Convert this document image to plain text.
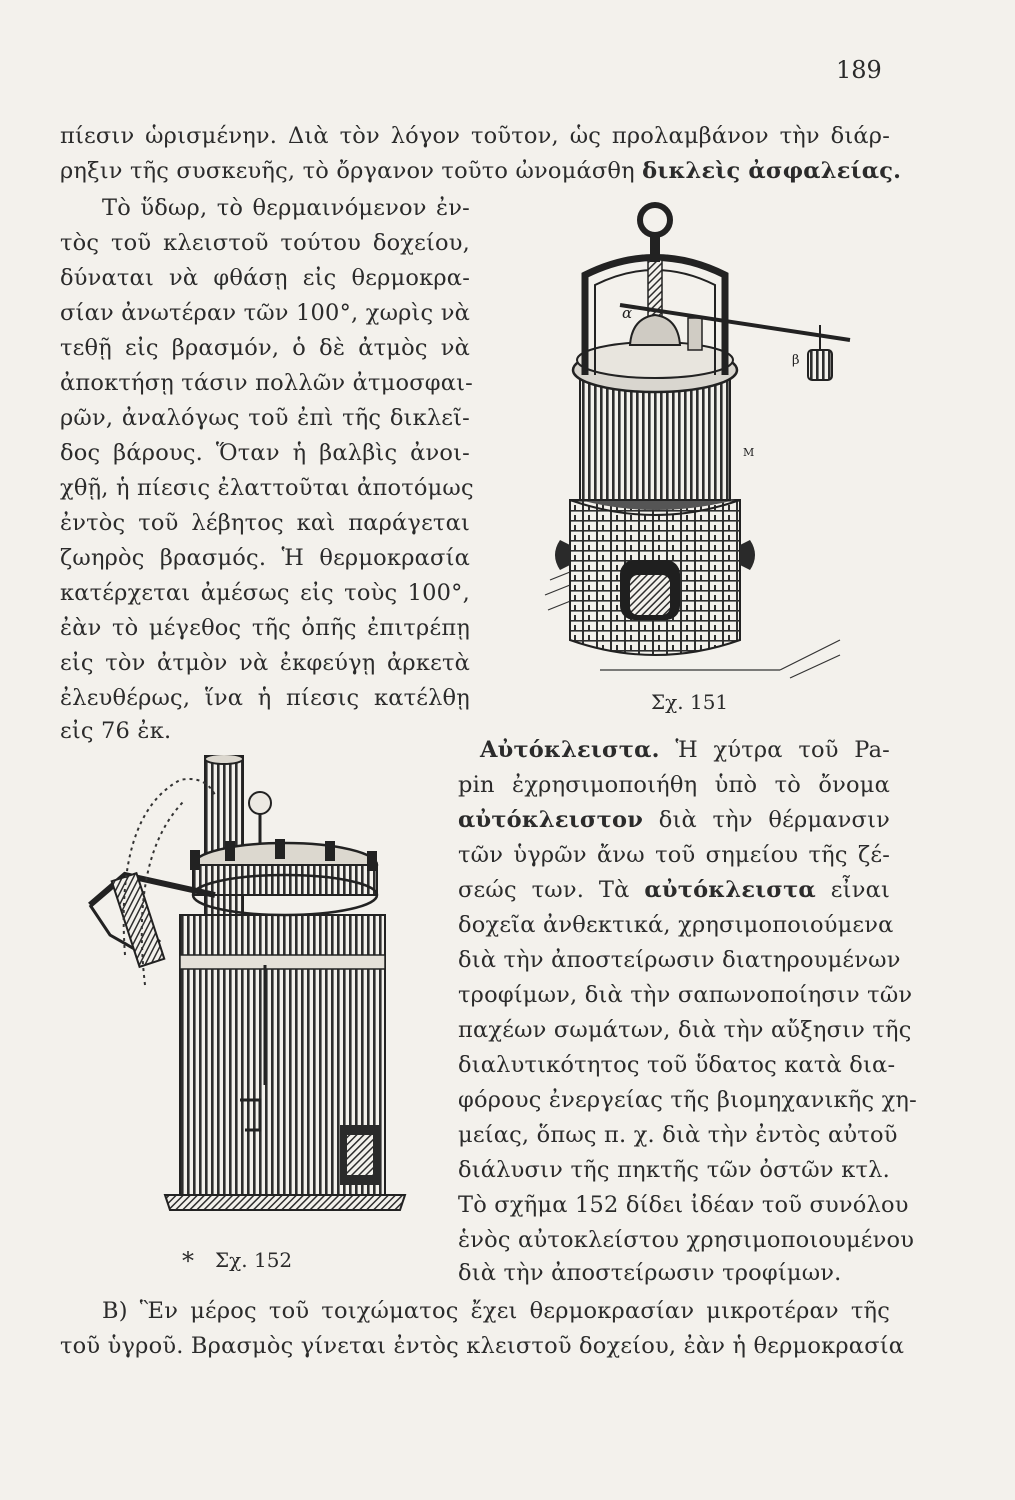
189
πίεσιν ὡρισμένην. Διὰ τὸν λόγον τοῦτον, ὡς προλαμβάνον τὴν διάρ-
ρηξιν τῆς συσκευῆς, τὸ ὄργανον τοῦτο ὠνομάσθη δικλεὶς ἀσφαλείας.
Τὸ ὕδωρ, τὸ θερμαινόμενον ἐν-
τὸς τοῦ κλειστοῦ τούτου δοχείου,
δύναται νὰ φθάσῃ εἰς θερμοκρα-
σίαν ἀνωτέραν τῶν 100°, χωρὶς νὰ
τεθῇ εἰς βρασμόν, ὁ δὲ ἀτμὸς νὰ
ἀποκτήσῃ τάσιν πολλῶν ἀτμοσφαι-
ρῶν, ἀναλόγως τοῦ ἐπὶ τῆς δικλεῖ-
δος βάρους. Ὅταν ἡ βαλβὶς ἀνοι-
χθῇ, ἡ πίεσις ἐλαττοῦται ἀποτόμως
ἐντὸς τοῦ λέβητος καὶ παράγεται
ζωηρὸς βρασμός. Ἡ θερμοκρασία
κατέρχεται ἀμέσως εἰς τοὺς 100°,
ἐὰν τὸ μέγεθος τῆς ὀπῆς ἐπιτρέπῃ
εἰς τὸν ἀτμὸν νὰ ἐκφεύγῃ ἀρκετὰ
ἐλευθέρως, ἵνα ἡ πίεσις κατέλθῃ
εἰς 76 ἐκ.
α
β
Μ
Σχ. 151
* Σχ. 152
Αὐτόκλειστα. Ἡ χύτρα τοῦ Pa-
pin ἐχρησιμοποιήθη ὑπὸ τὸ ὄνομα
αὐτόκλειστον διὰ τὴν θέρμανσιν
τῶν ὑγρῶν ἄνω τοῦ σημείου τῆς ζέ-
σεώς των. Τὰ αὐτόκλειστα εἶναι
δοχεῖα ἀνθεκτικά, χρησιμοποιούμενα
διὰ τὴν ἀποστείρωσιν διατηρουμένων
τροφίμων, διὰ τὴν σαπωνοποίησιν τῶν
παχέων σωμάτων, διὰ τὴν αὔξησιν τῆς
διαλυτικότητος τοῦ ὕδατος κατὰ δια-
φόρους ἐνεργείας τῆς βιομηχανικῆς χη-
μείας, ὅπως π. χ. διὰ τὴν ἐντὸς αὐτοῦ
διάλυσιν τῆς πηκτῆς τῶν ὀστῶν κτλ.
Τὸ σχῆμα 152 δίδει ἰδέαν τοῦ συνόλου
ἑνὸς αὐτοκλείστου χρησιμοποιουμένου
διὰ τὴν ἀποστείρωσιν τροφίμων.
Β) Ἓν μέρος τοῦ τοιχώματος ἔχει θερμοκρασίαν μικροτέραν τῆς
τοῦ ὑγροῦ. Βρασμὸς γίνεται ἐντὸς κλειστοῦ δοχείου, ἐὰν ἡ θερμοκρασία
